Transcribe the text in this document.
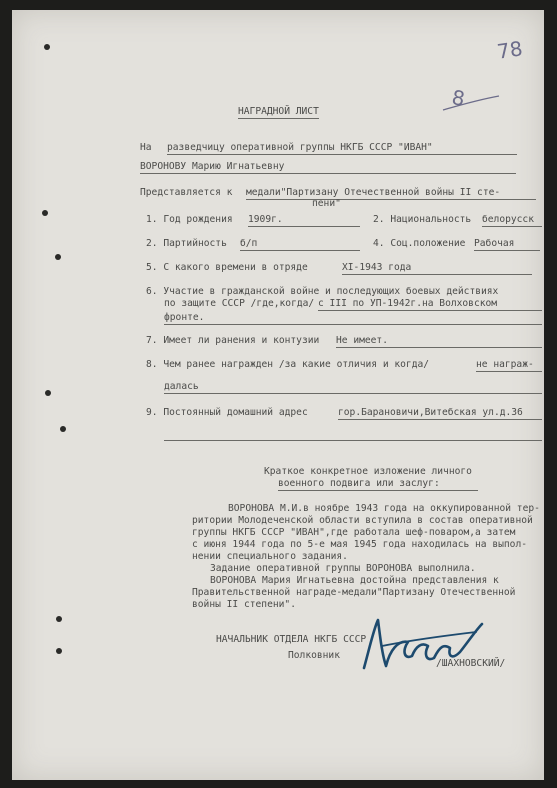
78
8
НАГРАДНОЙ ЛИСТ
На разведчицу оперативной группы НКГБ СССР "ИВАН"
ВОРОНОВУ Марию Игнатьевну
Представляется к медали"Партизану Отечественной войны II сте-
пени"
1. Год рождения 1909г.	2. Национальность белорусск
2. Партийность б/п	4. Соц.положение Рабочая
5. С какого времени в отряде	XI-1943 года
6. Участие в гражданской войне и последующих боевых действиях
по защите СССР /где,когда/ с III по УП-1942г.на Волховском
фронте.
7. Имеет ли ранения и контузии Не имеет.
8. Чем ранее награжден /за какие отличия и когда/	не награж-
далась
9. Постоянный домашний адрес	гор.Барановичи,Витебская ул.д.36
Краткое конкретное изложение личного
военного подвига или заслуг:
ВОРОНОВА М.И.в ноябре 1943 года на оккупированной тер-
ритории Молодеченской области вступила в состав оперативной
группы НКГБ СССР "ИВАН",где работала шеф-повaром,а затем
с июня 1944 года по 5-е мая 1945 года находилась на выпол-
нении специального задания.
Задание оперативной группы ВОРОНОВА выполнила.
ВОРОНОВА Мария Игнатьевна достойна представления к
Правительственной награде-медали"Партизану Отечественной
войны II степени".
НАЧАЛЬНИК ОТДЕЛА НКГБ СССР
Полковник
/ШАХНОВСКИЙ/
